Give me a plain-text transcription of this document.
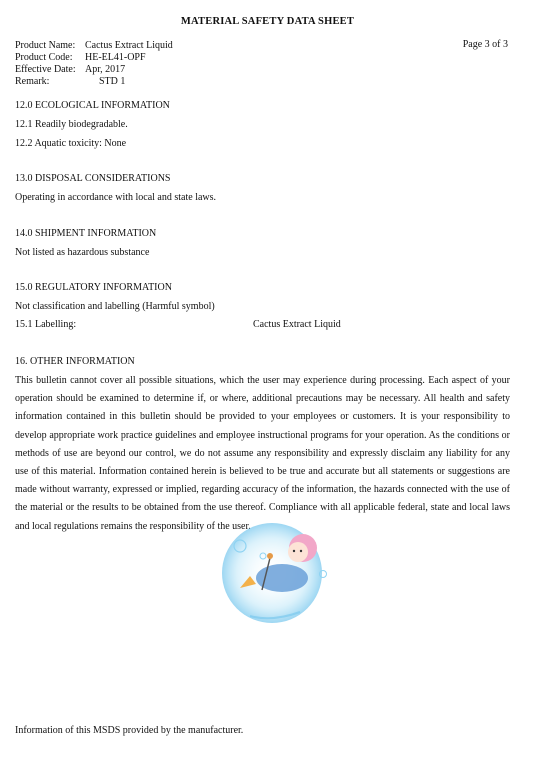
MATERIAL SAFETY DATA SHEET
Page 3 of 3
Product Name: Cactus Extract Liquid
Product Code:	HE-EL41-OPF
Effective Date: Apr, 2017
Remark:	STD 1
12.0 ECOLOGICAL INFORMATION
12.1 Readily biodegradable.
12.2 Aquatic toxicity: None
13.0 DISPOSAL CONSIDERATIONS
Operating in accordance with local and state laws.
14.0 SHIPMENT INFORMATION
Not listed as hazardous substance
15.0 REGULATORY INFORMATION
Not classification and labelling (Harmful symbol)
15.1 Labelling:	Cactus Extract Liquid
16. OTHER INFORMATION
This bulletin cannot cover all possible situations, which the user may experience during processing. Each aspect of your operation should be examined to determine if, or where, additional precautions may be necessary. All health and safety information contained in this bulletin should be provided to your employees or customers. It is your responsibility to develop appropriate work practice guidelines and employee instructional programs for your operation. As the conditions or methods of use are beyond our control, we do not assume any responsibility and expressly disclaim any liability for any use of this material. Information contained herein is believed to be true and accurate but all statements or suggestions are made without warranty, expressed or implied, regarding accuracy of the information, the hazards connected with the use of the material or the results to be obtained from the use thereof. Compliance with all applicable federal, state and local laws and local regulations remains the responsibility of the user.
Information of this MSDS provided by the manufacturer.
